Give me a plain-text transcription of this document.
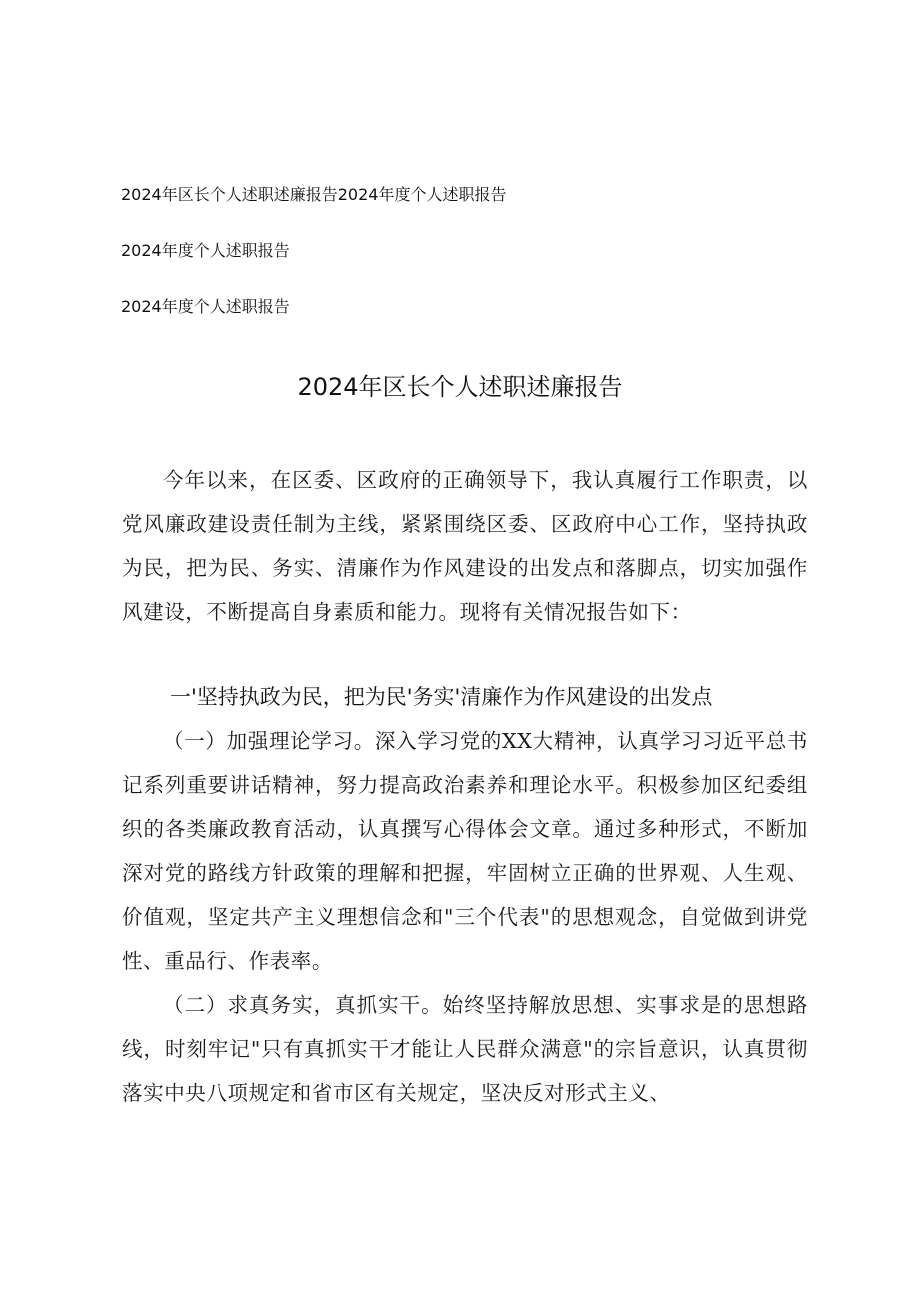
2024年区长个人述职述廉报告2024年度个人述职报告
2024年度个人述职报告
2024年度个人述职报告
2024年区长个人述职述廉报告

今年以来，在区委、区政府的正确领导下，我认真履行工作职责，以党风廉政建设责任制为主线，紧紧围绕区委、区政府中心工作，坚持执政为民，把为民、务实、清廉作为作风建设的出发点和落脚点，切实加强作风建设，不断提高自身素质和能力。现将有关情况报告如下：

一'坚持执政为民，把为民'务实'清廉作为作风建设的出发点

（一）加强理论学习。深入学习党的XX大精神，认真学习习近平总书记系列重要讲话精神，努力提高政治素养和理论水平。积极参加区纪委组织的各类廉政教育活动，认真撰写心得体会文章。通过多种形式，不断加深对党的路线方针政策的理解和把握，牢固树立正确的世界观、人生观、价值观，坚定共产主义理想信念和"三个代表"的思想观念，自觉做到讲党性、重品行、作表率。

（二）求真务实，真抓实干。始终坚持解放思想、实事求是的思想路线，时刻牢记"只有真抓实干才能让人民群众满意"的宗旨意识，认真贯彻落实中央八项规定和省市区有关规定，坚决反对形式主义、
